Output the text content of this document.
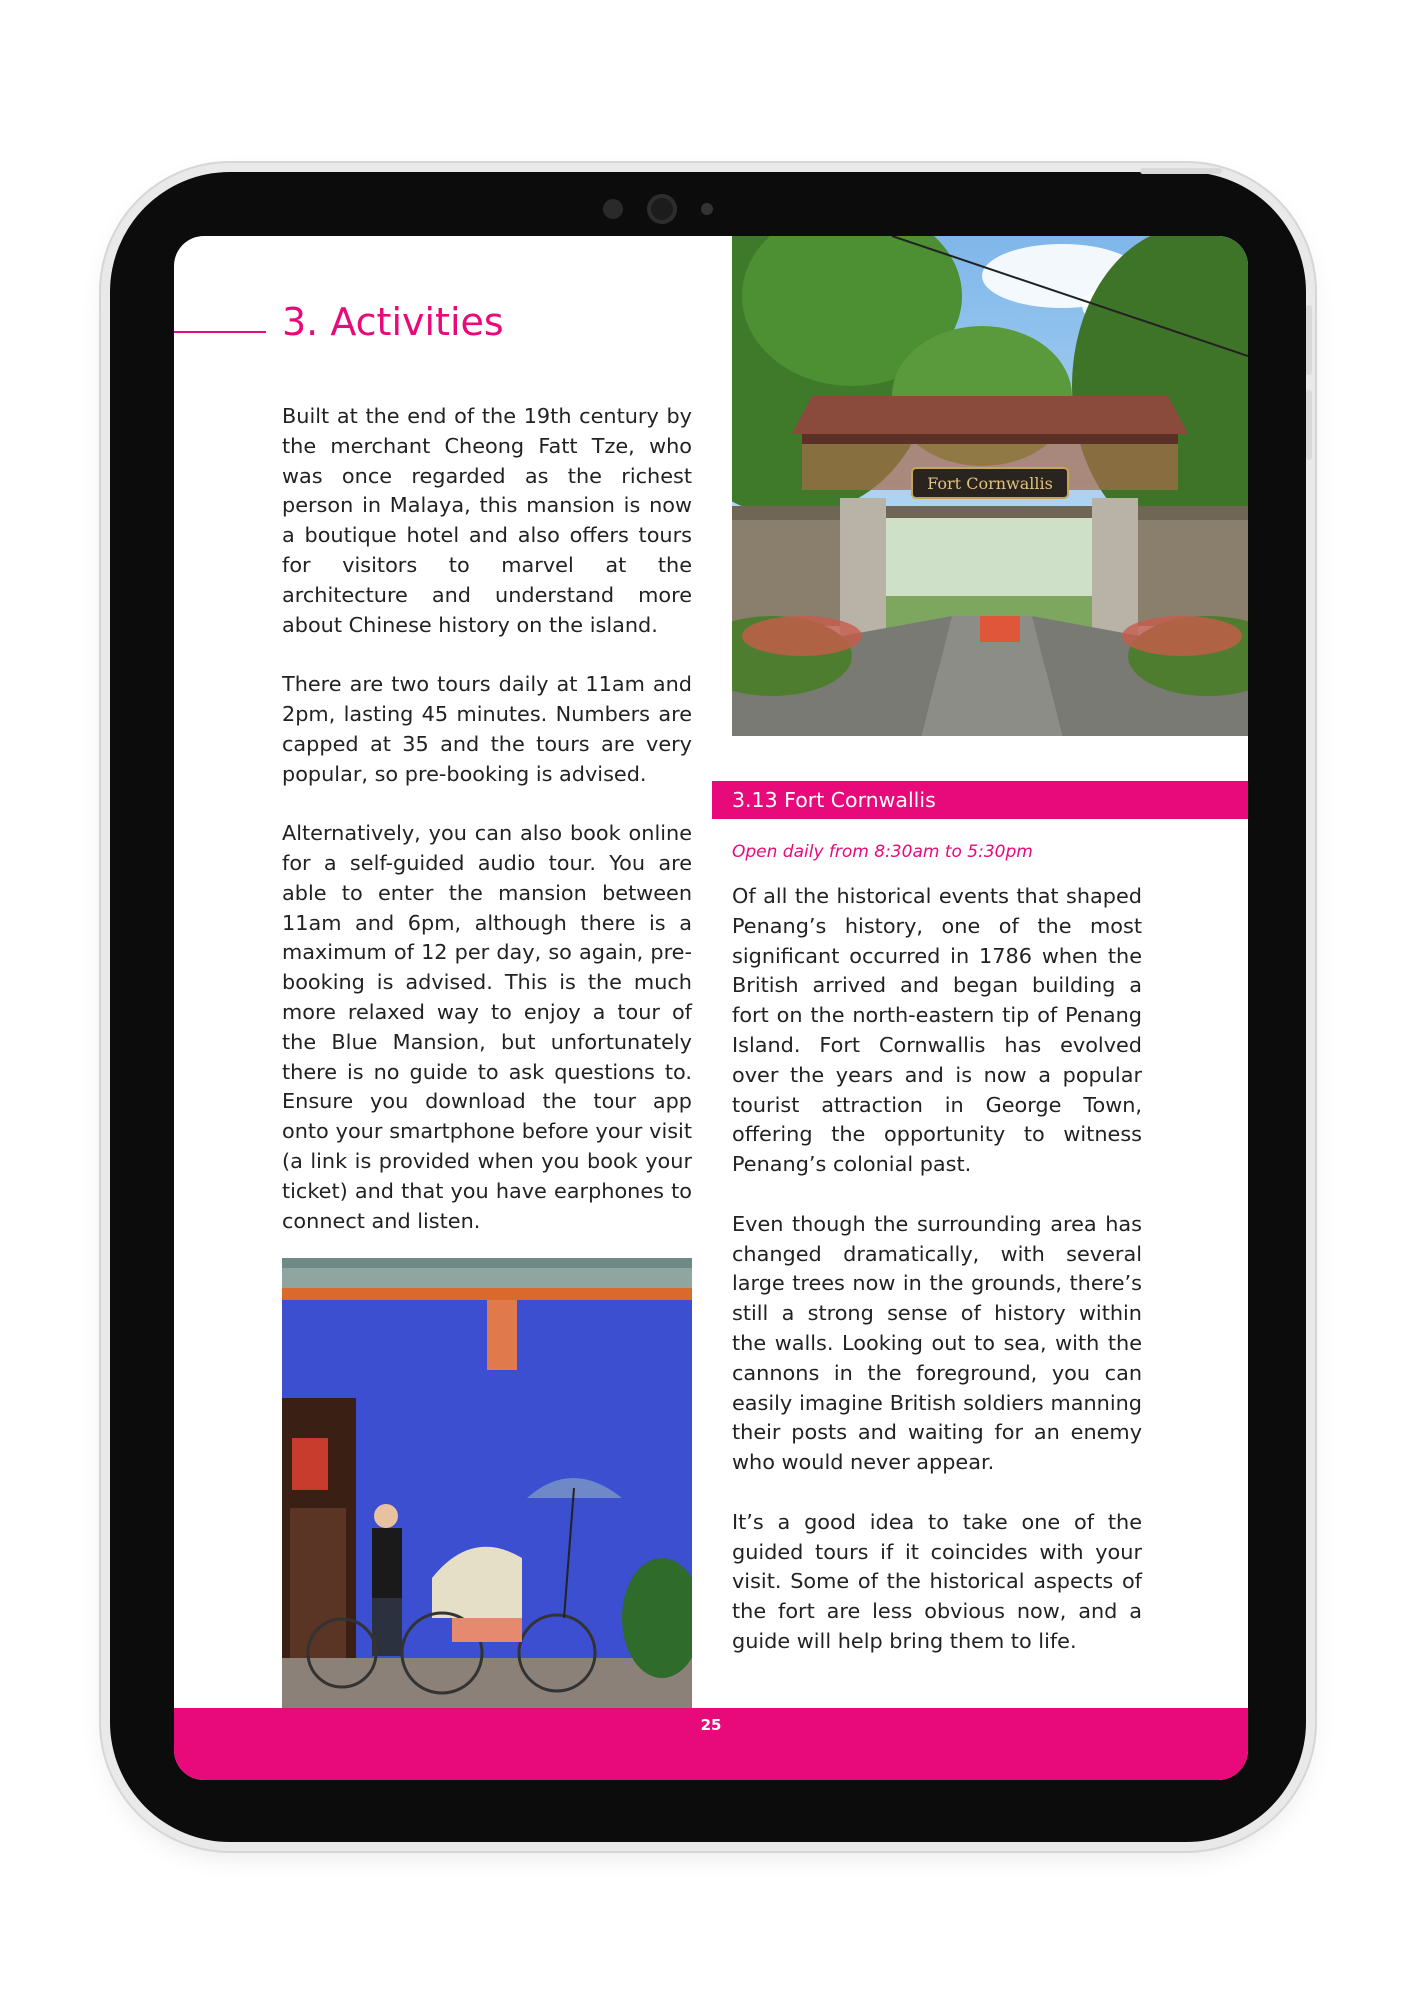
3. Activities

Built at the end of the 19th century by the merchant Cheong Fatt Tze, who was once regarded as the richest person in Malaya, this mansion is now a boutique hotel and also offers tours for visitors to marvel at the architecture and understand more about Chinese history on the island.

There are two tours daily at 11am and 2pm, lasting 45 minutes. Numbers are capped at 35 and the tours are very popular, so pre-booking is advised.

Alternatively, you can also book online for a self-guided audio tour. You are able to enter the mansion between 11am and 6pm, although there is a maximum of 12 per day, so again, pre-booking is advised. This is the much more relaxed way to enjoy a tour of the Blue Mansion, but unfortunately there is no guide to ask questions to. Ensure you download the tour app onto your smartphone before your visit (a link is provided when you book your ticket) and that you have earphones to connect and listen.

Fort Cornwallis
3.13 Fort Cornwallis
Open daily from 8:30am to 5:30pm

Of all the historical events that shaped Penang’s history, one of the most significant occurred in 1786 when the British arrived and began building a fort on the north-eastern tip of Penang Island. Fort Cornwallis has evolved over the years and is now a popular tourist attraction in George Town, offering the opportunity to witness Penang’s colonial past.

Even though the surrounding area has changed dramatically, with several large trees now in the grounds, there’s still a strong sense of history within the walls. Looking out to sea, with the cannons in the foreground, you can easily imagine British soldiers manning their posts and waiting for an enemy who would never appear.

It’s a good idea to take one of the guided tours if it coincides with your visit. Some of the historical aspects of the fort are less obvious now, and a guide will help bring them to life.

25
